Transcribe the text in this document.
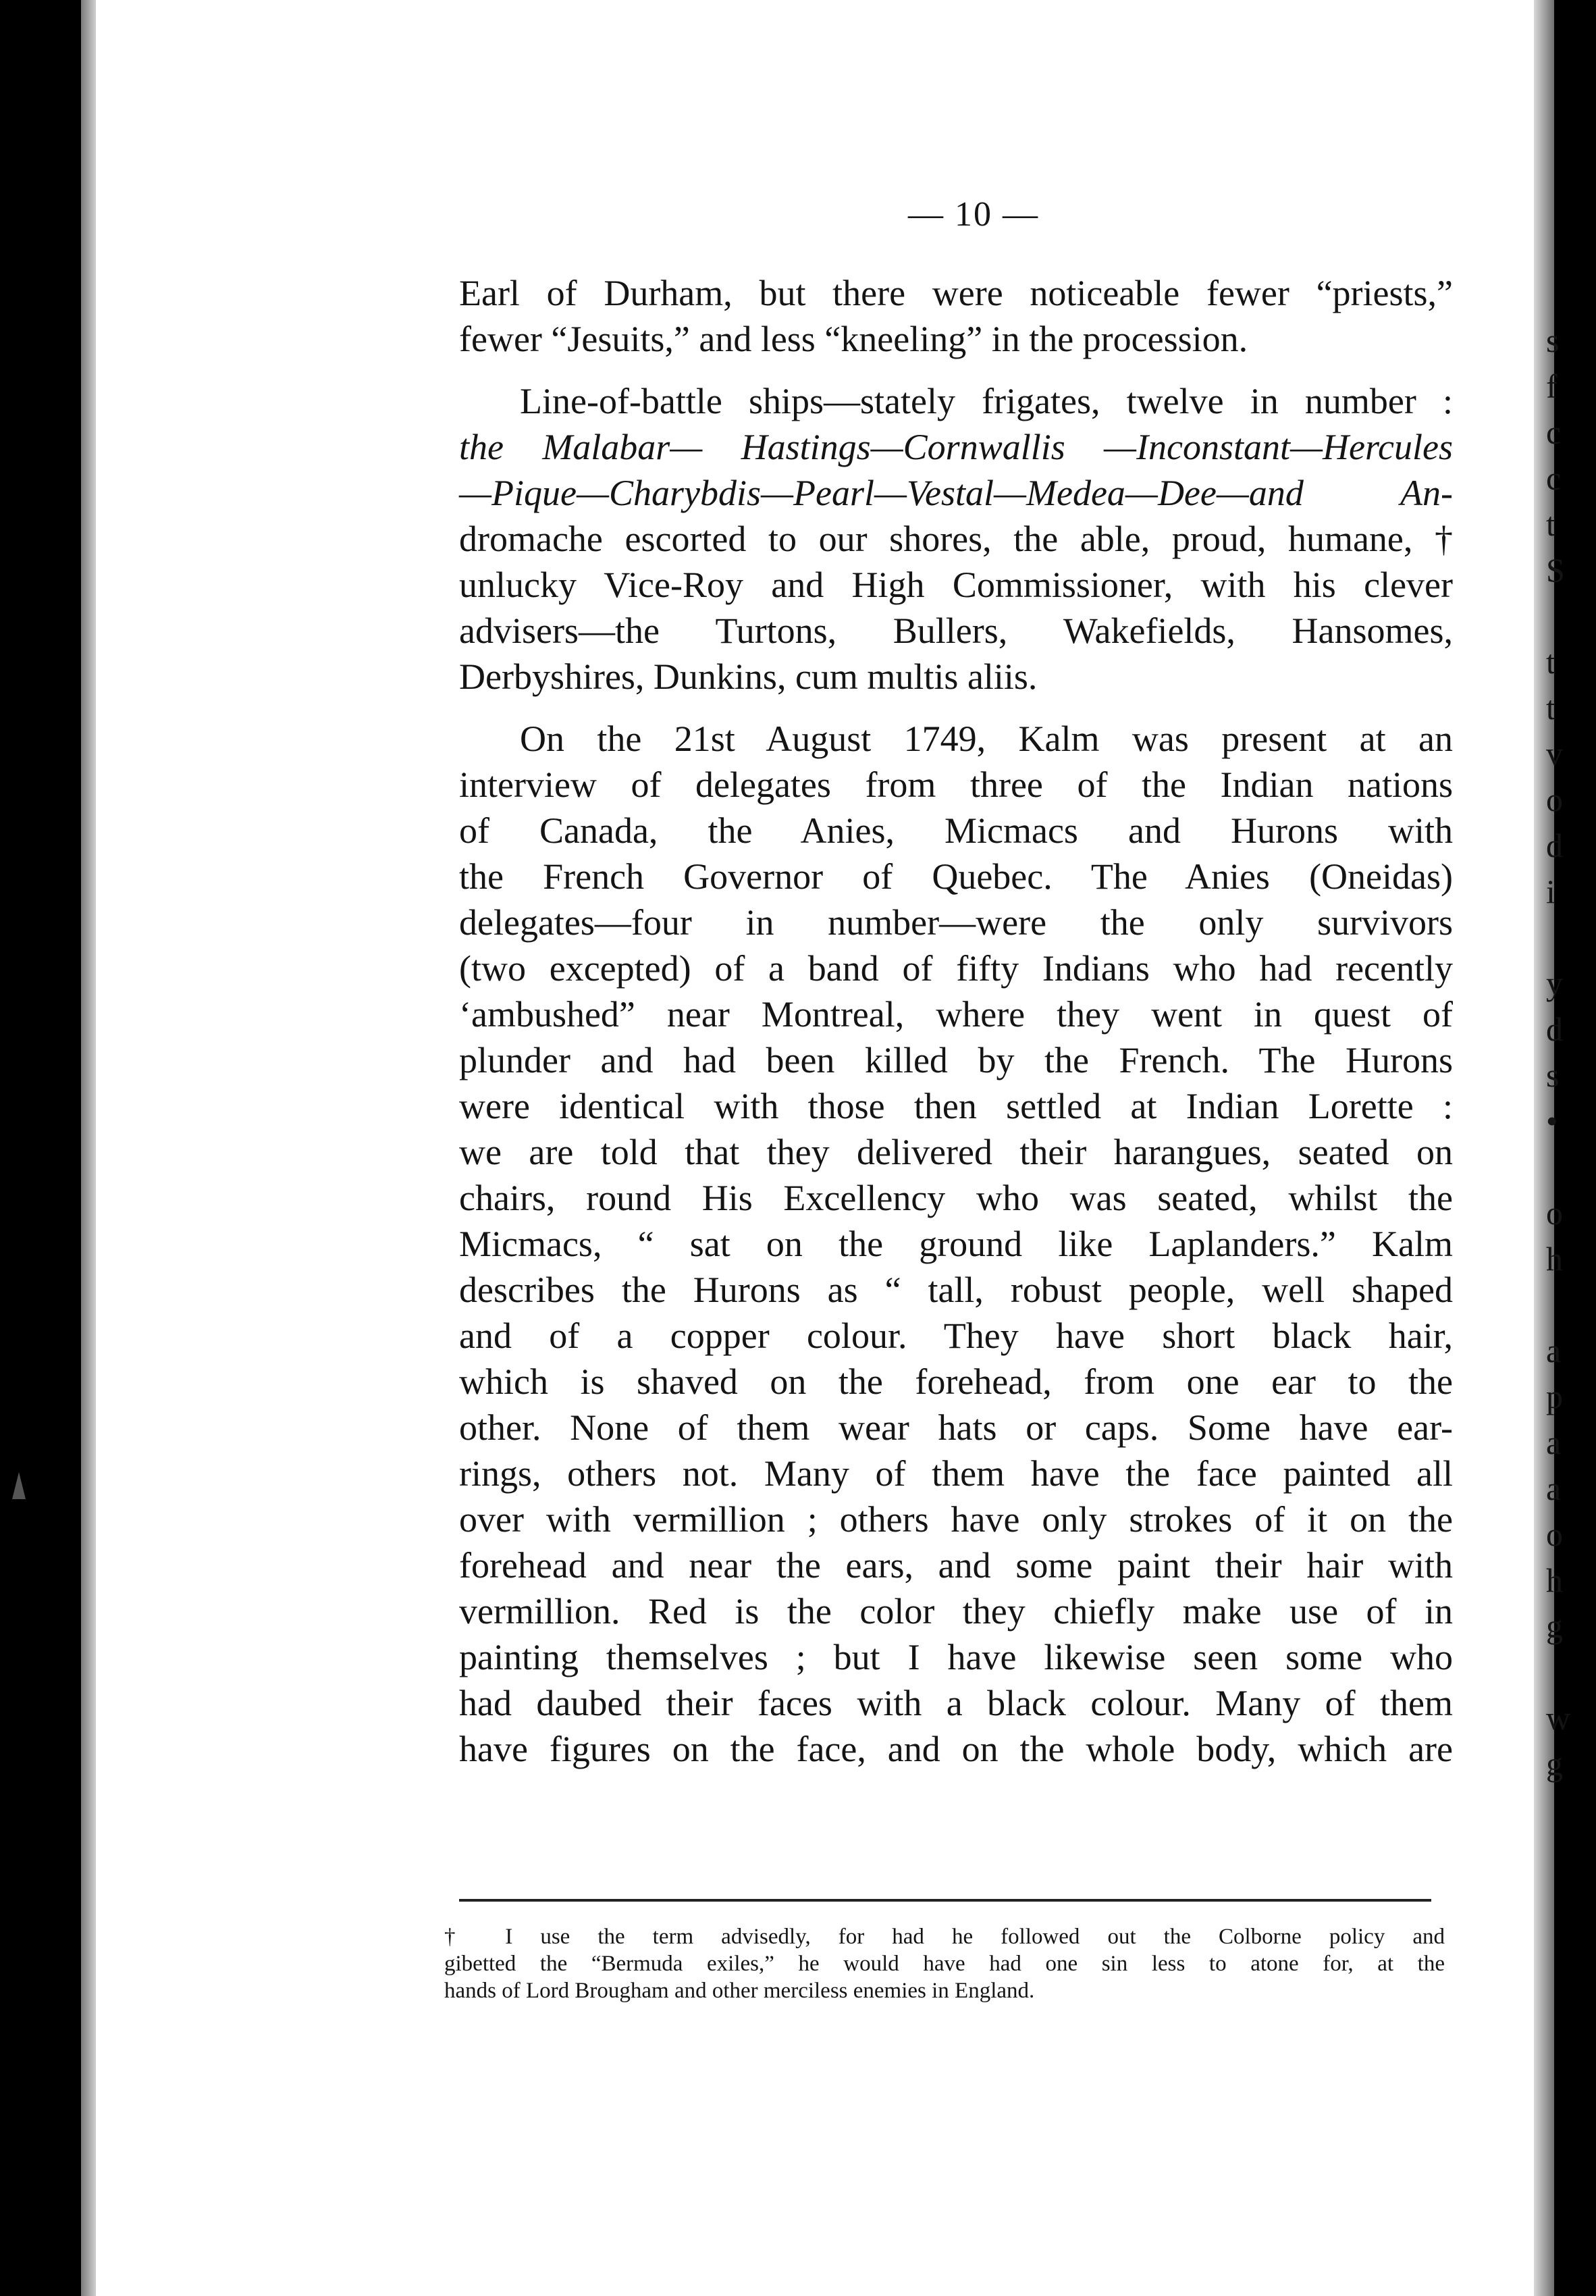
— 10 —

Earl of Durham, but there were noticeable fewer “priests,”
fewer “Jesuits,” and less “kneeling” in the procession.

Line-of-battle ships—stately frigates, twelve in number :
the Malabar— Hastings—Cornwallis —Inconstant—Hercules
—Pique—Charybdis—Pearl—Vestal—Medea—Dee—and An-
dromache escorted to our shores, the able, proud, humane, †
unlucky Vice-Roy and High Commissioner, with his clever
advisers—the Turtons, Bullers, Wakefields, Hansomes,
Derbyshires, Dunkins, cum multis aliis.

On the 21st August 1749, Kalm was present at an
interview of delegates from three of the Indian nations
of Canada, the Anies, Micmacs and Hurons with
the French Governor of Quebec. The Anies (Oneidas)
delegates—four in number—were the only survivors
(two excepted) of a band of fifty Indians who had recently
‘ambushed” near Montreal, where they went in quest of
plunder and had been killed by the French. The Hurons
were identical with those then settled at Indian Lorette :
we are told that they delivered their harangues, seated on
chairs, round His Excellency who was seated, whilst the
Micmacs, “ sat on the ground like Laplanders.” Kalm
describes the Hurons as “ tall, robust people, well shaped
and of a copper colour. They have short black hair,
which is shaved on the forehead, from one ear to the
other. None of them wear hats or caps. Some have ear-
rings, others not. Many of them have the face painted all
over with vermillion ; others have only strokes of it on the
forehead and near the ears, and some paint their hair with
vermillion. Red is the color they chiefly make use of in
painting themselves ; but I have likewise seen some who
had daubed their faces with a black colour. Many of them
have figures on the face, and on the whole body, which are

† I use the term advisedly, for had he followed out the Colborne policy and
gibetted the “Bermuda exiles,” he would have had one sin less to atone for, at the
hands of Lord Brougham and other merciless enemies in England.
s
f
c
c
t
S
t
t
v
o
d
i
y
d
s
•
o
h
a
p
a
a
o
h
g
w
g
